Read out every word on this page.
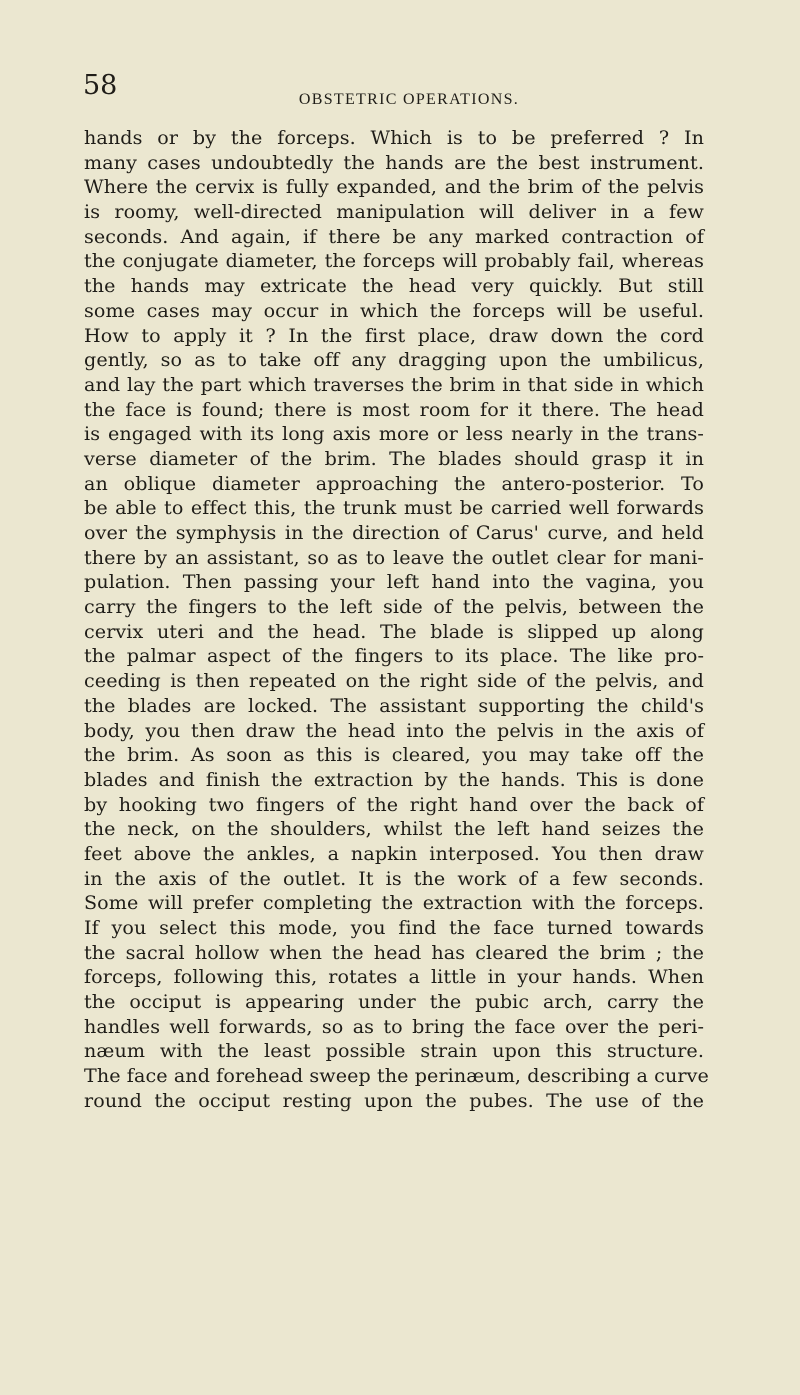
58	OBSTETRIC OPERATIONS.
hands or by the forceps. Which is to be preferred ? In
many cases undoubtedly the hands are the best instrument.
Where the cervix is fully expanded, and the brim of the pelvis
is roomy, well-directed manipulation will deliver in a few
seconds. And again, if there be any marked contraction of
the conjugate diameter, the forceps will probably fail, whereas
the hands may extricate the head very quickly. But still
some cases may occur in which the forceps will be useful.
How to apply it ? In the first place, draw down the cord
gently, so as to take off any dragging upon the umbilicus,
and lay the part which traverses the brim in that side in which
the face is found; there is most room for it there. The head
is engaged with its long axis more or less nearly in the trans-
verse diameter of the brim. The blades should grasp it in
an oblique diameter approaching the antero-posterior. To
be able to effect this, the trunk must be carried well forwards
over the symphysis in the direction of Carus' curve, and held
there by an assistant, so as to leave the outlet clear for mani-
pulation. Then passing your left hand into the vagina, you
carry the fingers to the left side of the pelvis, between the
cervix uteri and the head. The blade is slipped up along
the palmar aspect of the fingers to its place. The like pro-
ceeding is then repeated on the right side of the pelvis, and
the blades are locked. The assistant supporting the child's
body, you then draw the head into the pelvis in the axis of
the brim. As soon as this is cleared, you may take off the
blades and finish the extraction by the hands. This is done
by hooking two fingers of the right hand over the back of
the neck, on the shoulders, whilst the left hand seizes the
feet above the ankles, a napkin interposed. You then draw
in the axis of the outlet. It is the work of a few seconds.
Some will prefer completing the extraction with the forceps.
If you select this mode, you find the face turned towards
the sacral hollow when the head has cleared the brim ; the
forceps, following this, rotates a little in your hands. When
the occiput is appearing under the pubic arch, carry the
handles well forwards, so as to bring the face over the peri-
næum with the least possible strain upon this structure.
The face and forehead sweep the perinæum, describing a curve
round the occiput resting upon the pubes. The use of the
